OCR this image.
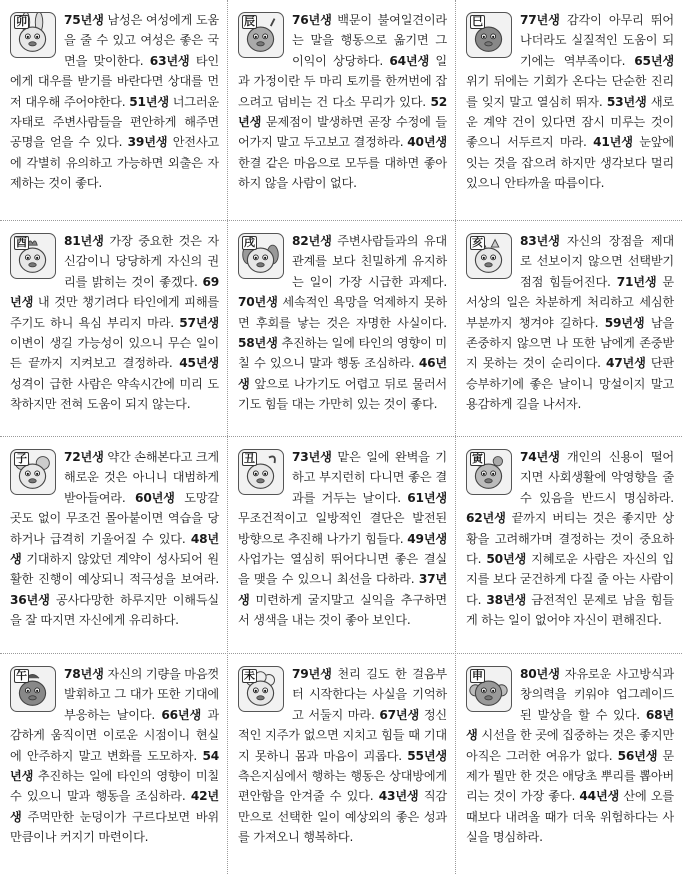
卯	75년생 남성은 여성에게 도움을 줄 수 있고 여성은 좋은 국면을 맞이한다. 63년생 타인에게 대우를 받기를 바란다면 상대를 먼저 대우해 주어야한다. 51년생 너그러운 자태로 주변사람들을 편안하게 해주면 공명을 얻을 수 있다. 39년생 안전사고에 각별히 유의하고 가능하면 외출은 자제하는 것이 좋다.
辰	76년생 백문이 불여일견이라는 말을 행동으로 옮기면 그 이익이 상당하다. 64년생 일과 가정이란 두 마리 토끼를 한꺼번에 잡으려고 덤비는 건 다소 무리가 있다. 52년생 문제점이 발생하면 곧장 수정에 들어가지 말고 두고보고 결정하라. 40년생 한결 같은 마음으로 모두를 대하면 좋아하지 않을 사람이 없다.
巳	77년생 감각이 아무리 뛰어나더라도 실질적인 도움이 되기에는 역부족이다. 65년생 위기 뒤에는 기회가 온다는 단순한 진리를 잊지 말고 열심히 뛰자. 53년생 새로운 계약 건이 있다면 잠시 미루는 것이 좋으니 서두르지 마라. 41년생 눈앞에 잇는 것을 잡으려 하지만 생각보다 멀리 있으니 안타까울 따름이다.
酉	81년생 가장 중요한 것은 자신감이니 당당하게 자신의 권리를 밝히는 것이 좋겠다. 69년생 내 것만 챙기려다 타인에게 피해를 주기도 하니 욕심 부리지 마라. 57년생 이변이 생길 가능성이 있으니 무슨 일이든 끝까지 지켜보고 결정하라. 45년생 성격이 급한 사람은 약속시간에 미리 도착하지만 전혀 도움이 되지 않는다.
戌	82년생 주변사람들과의 유대관계를 보다 친밀하게 유지하는 일이 가장 시급한 과제다. 70년생 세속적인 욕망을 억제하지 못하면 후회를 낳는 것은 자명한 사실이다. 58년생 추진하는 일에 타인의 영향이 미칠 수 있으니 말과 행동 조심하라. 46년생 앞으로 나가기도 어렵고 뒤로 물러서기도 힘들 대는 가만히 있는 것이 좋다.
亥	83년생 자신의 장점을 제대로 선보이지 않으면 선택받기 점점 힘들어진다. 71년생 문서상의 일은 차분하게 처리하고 세심한 부분까지 챙겨야 길하다. 59년생 남을 존중하지 않으면 나 또한 남에게 존중받지 못하는 것이 순리이다. 47년생 단판승부하기에 좋은 날이니 망설이지 말고 용감하게 길을 나서자.
子	72년생 약간 손해본다고 크게 해로운 것은 아니니 대범하게 받아들여라. 60년생 도망갈 곳도 없이 무조건 몰아붙이면 역습을 당하거나 급격히 기울어질 수 있다. 48년생 기대하지 않았던 계약이 성사되어 원활한 진행이 예상되니 적극성을 보여라. 36년생 공사다망한 하루지만 이해득실을 잘 따지면 자신에게 유리하다.
丑	73년생 맡은 일에 완벽을 기하고 부지런히 다니면 좋은 결과를 거두는 날이다. 61년생 무조건적이고 일방적인 결단은 발전된 방향으로 추진해 나가기 힘들다. 49년생 사업가는 열심히 뛰어다니면 좋은 결실을 맺을 수 있으니 최선을 다하라. 37년생 미련하게 굴지말고 실익을 추구하면서 생색을 내는 것이 좋아 보인다.
寅	74년생 개인의 신용이 떨어지면 사회생활에 악영향을 줄 수 있음을 반드시 명심하라. 62년생 끝까지 버티는 것은 좋지만 상황을 고려해가며 결정하는 것이 중요하다. 50년생 지혜로운 사람은 자신의 입지를 보다 굳건하게 다질 줄 아는 사람이다. 38년생 금전적인 문제로 남을 힘들게 하는 일이 없어야 자신이 편해진다.
午	78년생 자신의 기량을 마음껏 발휘하고 그 대가 또한 기대에 부응하는 날이다. 66년생 과감하게 움직이면 이로운 시점이니 현실에 안주하지 말고 변화를 도모하자. 54년생 추진하는 일에 타인의 영향이 미칠 수 있으니 말과 행동을 조심하라. 42년생 주먹만한 눈덩이가 구르다보면 바위만큼이나 커지기 마련이다.
未	79년생 천리 길도 한 걸음부터 시작한다는 사실을 기억하고 서둘지 마라. 67년생 정신적인 지주가 없으면 지치고 힘들 때 기대지 못하니 몸과 마음이 괴롭다. 55년생 측은지심에서 행하는 행동은 상대방에게 편안함을 안겨줄 수 있다. 43년생 직감만으로 선택한 일이 예상외의 좋은 성과를 가져오니 행복하다.
申	80년생 자유로운 사고방식과 창의력을 키워야 업그레이드된 발상을 할 수 있다. 68년생 시선을 한 곳에 집중하는 것은 좋지만 아직은 그러한 여유가 없다. 56년생 문제가 뭘만 한 것은 애당초 뿌리를 뽑아버리는 것이 가장 좋다. 44년생 산에 오를 때보다 내려올 때가 더욱 위험하다는 사실을 명심하라.
